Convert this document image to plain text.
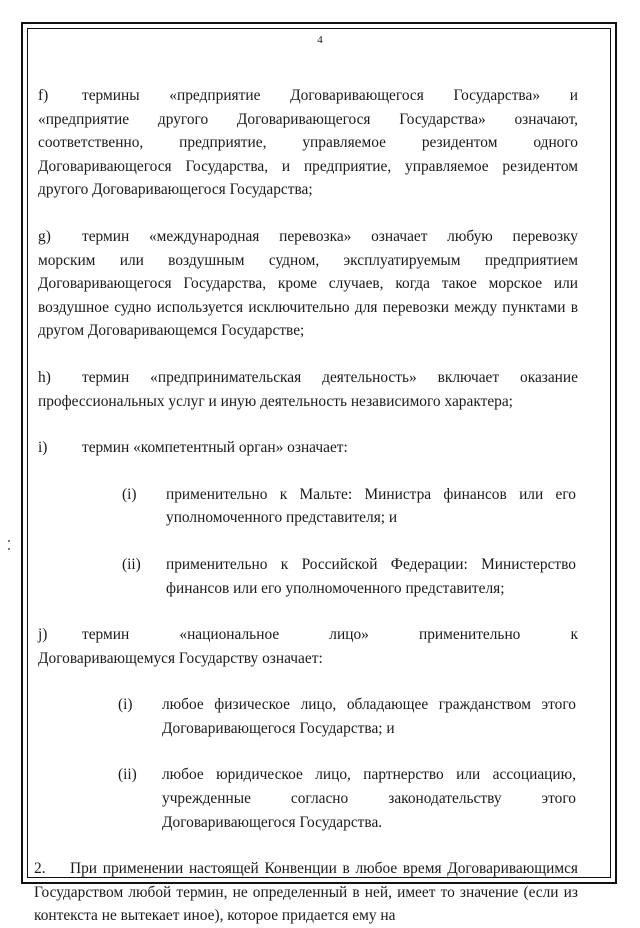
4
f) термины «предприятие Договаривающегося Государства» и
«предприятие другого Договаривающегося Государства» означают, соответственно, предприятие, управляемое резидентом одного Договаривающегося Государства, и предприятие, управляемое резидентом другого Договаривающегося Государства;
g) термин «международная перевозка» означает любую перевозку
морским или воздушным судном, эксплуатируемым предприятием Договаривающегося Государства, кроме случаев, когда такое морское или воздушное судно используется исключительно для перевозки между пунктами в другом Договаривающемся Государстве;
h) термин «предпринимательская деятельность» включает оказание
профессиональных услуг и иную деятельность независимого характера;
i) термин «компетентный орган» означает:
(i) применительно к Мальте: Министра финансов или его уполномоченного представителя; и
(ii) применительно к Российской Федерации: Министерство финансов или его уполномоченного представителя;
j) термин «национальное лицо» применительно к
Договаривающемуся Государству означает:
(i) любое физическое лицо, обладающее гражданством этого Договаривающегося Государства; и
(ii) любое юридическое лицо, партнерство или ассоциацию, учрежденные согласно законодательству этого Договаривающегося Государства.
2. При применении настоящей Конвенции в любое время Договаривающимся Государством любой термин, не определенный в ней, имеет то значение (если из контекста не вытекает иное), которое придается ему на
